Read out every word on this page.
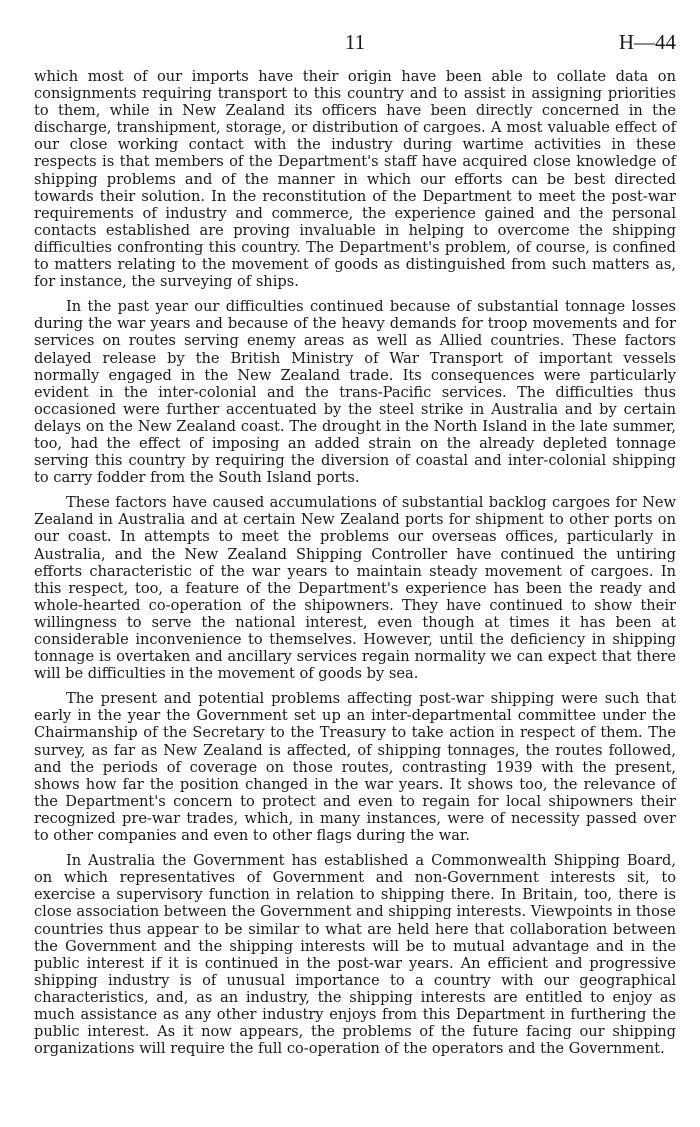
11	H—44

which most of our imports have their origin have been able to collate data on consignments requiring transport to this country and to assist in assigning priorities to them, while in New Zealand its officers have been directly concerned in the discharge, transhipment, storage, or distribution of cargoes. A most valuable effect of our close working contact with the industry during wartime activities in these respects is that members of the Department's staff have acquired close knowledge of shipping problems and of the manner in which our efforts can be best directed towards their solution. In the reconstitution of the Department to meet the post-war requirements of industry and commerce, the experience gained and the personal contacts established are proving invaluable in helping to overcome the shipping difficulties confronting this country. The Department's problem, of course, is confined to matters relating to the movement of goods as distinguished from such matters as, for instance, the surveying of ships.

In the past year our difficulties continued because of substantial tonnage losses during the war years and because of the heavy demands for troop movements and for services on routes serving enemy areas as well as Allied countries. These factors delayed release by the British Ministry of War Transport of important vessels normally engaged in the New Zealand trade. Its consequences were particularly evident in the inter-colonial and the trans-Pacific services. The difficulties thus occasioned were further accentuated by the steel strike in Australia and by certain delays on the New Zealand coast. The drought in the North Island in the late summer, too, had the effect of imposing an added strain on the already depleted tonnage serving this country by requiring the diversion of coastal and inter-colonial shipping to carry fodder from the South Island ports.

These factors have caused accumulations of substantial backlog cargoes for New Zealand in Australia and at certain New Zealand ports for shipment to other ports on our coast. In attempts to meet the problems our overseas offices, particularly in Australia, and the New Zealand Shipping Controller have continued the untiring efforts characteristic of the war years to maintain steady movement of cargoes. In this respect, too, a feature of the Department's experience has been the ready and whole-hearted co-operation of the shipowners. They have continued to show their willingness to serve the national interest, even though at times it has been at considerable inconvenience to themselves. However, until the deficiency in shipping tonnage is overtaken and ancillary services regain normality we can expect that there will be difficulties in the movement of goods by sea.

The present and potential problems affecting post-war shipping were such that early in the year the Government set up an inter-departmental committee under the Chairmanship of the Secretary to the Treasury to take action in respect of them. The survey, as far as New Zealand is affected, of shipping tonnages, the routes followed, and the periods of coverage on those routes, contrasting 1939 with the present, shows how far the position changed in the war years. It shows too, the relevance of the Department's concern to protect and even to regain for local shipowners their recognized pre-war trades, which, in many instances, were of necessity passed over to other companies and even to other flags during the war.

In Australia the Government has established a Commonwealth Shipping Board, on which representatives of Government and non-Government interests sit, to exercise a supervisory function in relation to shipping there. In Britain, too, there is close association between the Government and shipping interests. Viewpoints in those countries thus appear to be similar to what are held here that collaboration between the Government and the shipping interests will be to mutual advantage and in the public interest if it is continued in the post-war years. An efficient and progressive shipping industry is of unusual importance to a country with our geographical characteristics, and, as an industry, the shipping interests are entitled to enjoy as much assistance as any other industry enjoys from this Department in furthering the public interest. As it now appears, the problems of the future facing our shipping organizations will require the full co-operation of the operators and the Government.
